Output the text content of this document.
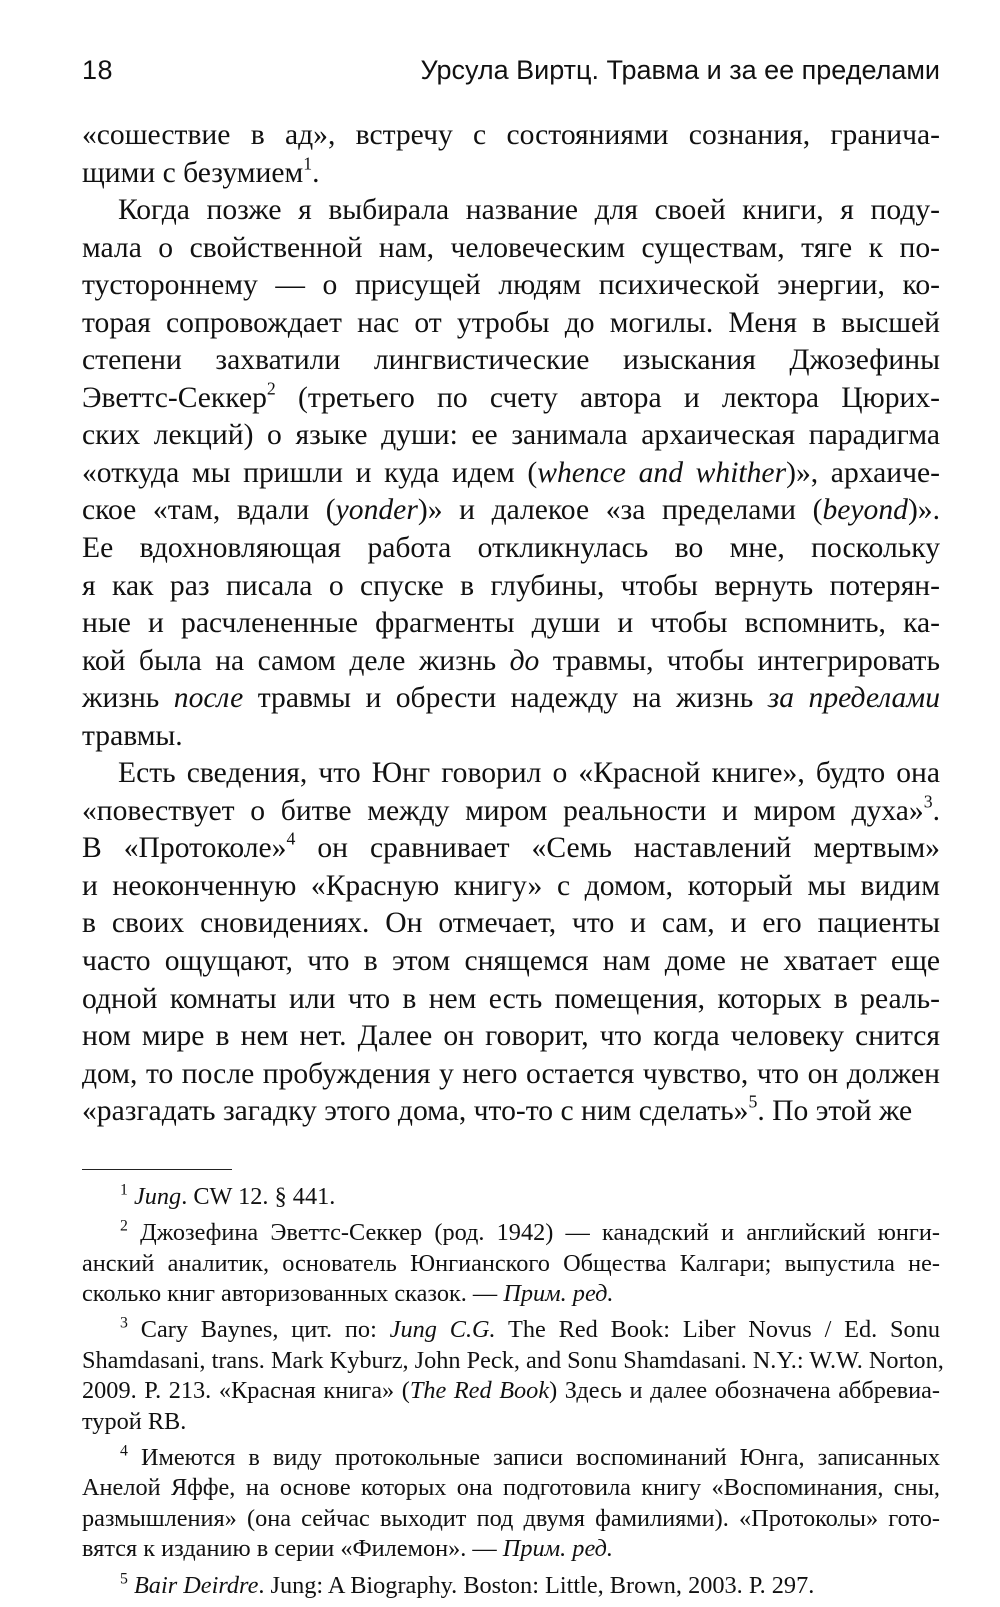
18	Урсула Виртц. Травма и за ее пределами

«сошествие в ад», встречу с состояниями сознания, гранича-
щими с безумием$^1$.

Когда позже я выбирала название для своей книги, я поду-
мала о свойственной нам, человеческим существам, тяге к по-
тустороннему — о присущей людям психической энергии, ко-
торая сопровождает нас от утробы до могилы. Меня в высшей
степени захватили лингвистические изыскания Джозефины
Эветтс-Секкер$^2$ (третьего по счету автора и лектора Цюрих-
ских лекций) о языке души: ее занимала архаическая парадигма
«откуда мы пришли и куда идем (whence and whither)», архаиче-
ское «там, вдали (yonder)» и далекое «за пределами (beyond)».
Ее вдохновляющая работа откликнулась во мне, поскольку
я как раз писала о спуске в глубины, чтобы вернуть потерян-
ные и расчлененные фрагменты души и чтобы вспомнить, ка-
кой была на самом деле жизнь до травмы, чтобы интегрировать
жизнь после травмы и обрести надежду на жизнь за пределами
травмы.

Есть сведения, что Юнг говорил о «Красной книге», будто она
«повествует о битве между миром реальности и миром духа»$^3$.
В «Протоколе»$^4$ он сравнивает «Семь наставлений мертвым»
и неоконченную «Красную книгу» с домом, который мы видим
в своих сновидениях. Он отмечает, что и сам, и его пациенты
часто ощущают, что в этом снящемся нам доме не хватает еще
одной комнаты или что в нем есть помещения, которых в реаль-
ном мире в нем нет. Далее он говорит, что когда человеку снится
дом, то после пробуждения у него остается чувство, что он должен
«разгадать загадку этого дома, что-то с ним сделать»$^5$. По этой же

$^1$ Jung. CW 12. § 441.
$^2$ Джозефина Эветтс-Секкер (род. 1942) — канадский и английский юнги-
анский аналитик, основатель Юнгианского Общества Калгари; выпустила не-
сколько книг авторизованных сказок. — Прим. ред.
$^3$ Cary Baynes, цит. по: Jung C.G. The Red Book: Liber Novus / Ed. Sonu
Shamdasani, trans. Mark Kyburz, John Peck, and Sonu Shamdasani. N.Y.: W.W. Norton,
2009. P. 213. «Красная книга» (The Red Book) Здесь и далее обозначена аббревиа-
турой RB.
$^4$ Имеются в виду протокольные записи воспоминаний Юнга, записанных
Анелой Яффе, на основе которых она подготовила книгу «Воспоминания, сны,
размышления» (она сейчас выходит под двумя фамилиями). «Протоколы» гото-
вятся к изданию в серии «Филемон». — Прим. ред.
$^5$ Bair Deirdre. Jung: A Biography. Boston: Little, Brown, 2003. P. 297.
